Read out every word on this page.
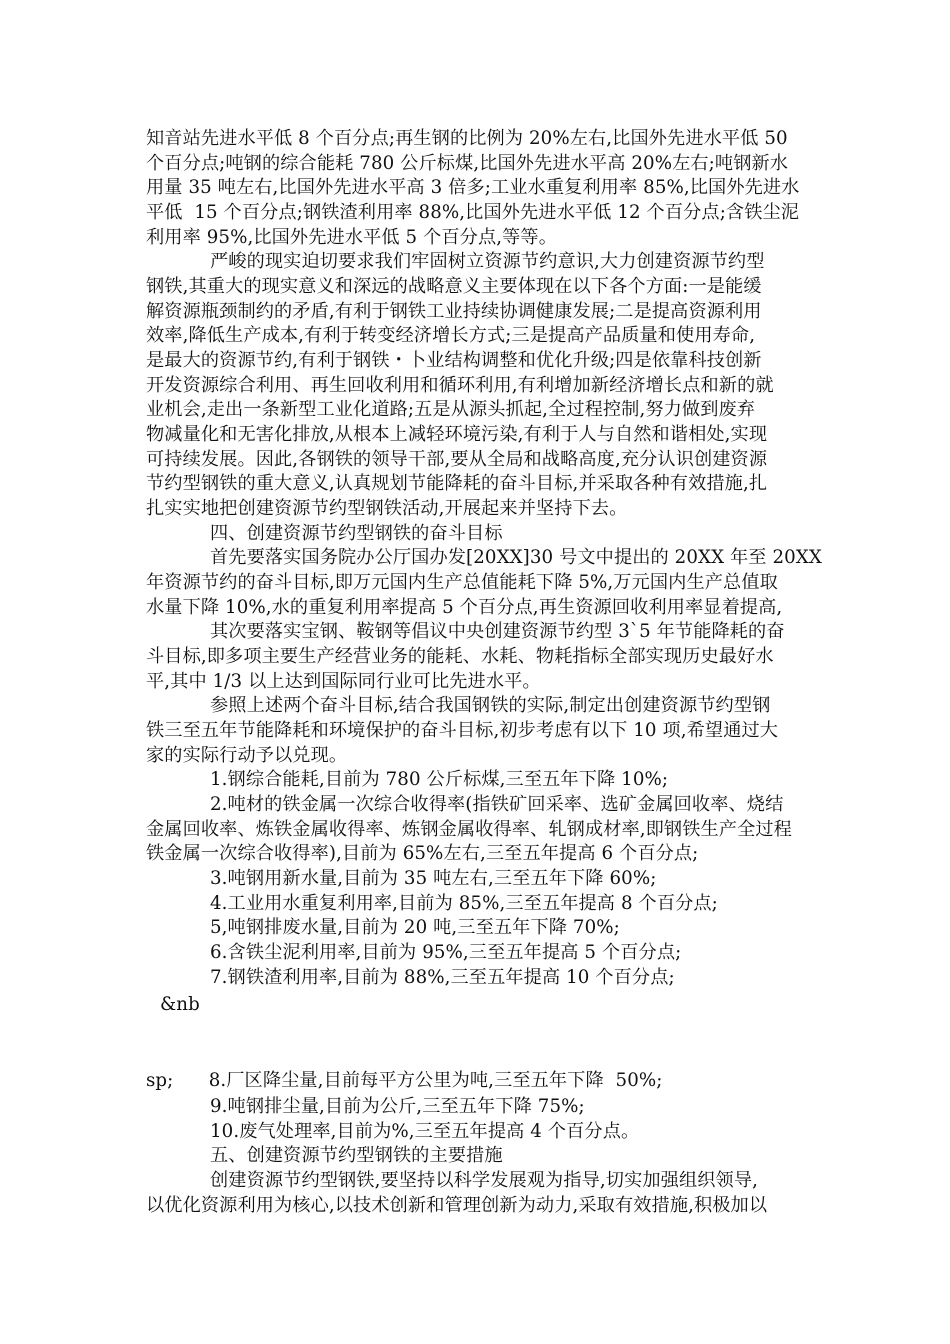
知音站先进水平低 8 个百分点;再生钢的比例为 20%左右,比国外先进水平低 50
个百分点;吨钢的综合能耗 780 公斤标煤,比国外先进水平高 20%左右;吨钢新水
用量 35 吨左右,比国外先进水平高 3 倍多;工业水重复利用率 85%,比国外先进水
平低  15 个百分点;钢铁渣利用率 88%,比国外先进水平低 12 个百分点;含铁尘泥
利用率 95%,比国外先进水平低 5 个百分点,等等。
严峻的现实迫切要求我们牢固树立资源节约意识,大力创建资源节约型
钢铁,其重大的现实意义和深远的战略意义主要体现在以下各个方面:一是能缓
解资源瓶颈制约的矛盾,有利于钢铁工业持续协调健康发展;二是提高资源利用
效率,降低生产成本,有利于转变经济增长方式;三是提高产品质量和使用寿命,
是最大的资源节约,有利于钢铁・卜业结构调整和优化升级;四是依靠科技创新
开发资源综合利用、再生回收利用和循环利用,有利增加新经济增长点和新的就
业机会,走出一条新型工业化道路;五是从源头抓起,全过程控制,努力做到废弃
物减量化和无害化排放,从根本上减轻环境污染,有利于人与自然和谐相处,实现
可持续发展。因此,各钢铁的领导干部,要从全局和战略高度,充分认识创建资源
节约型钢铁的重大意义,认真规划节能降耗的奋斗目标,并采取各种有效措施,扎
扎实实地把创建资源节约型钢铁活动,开展起来并坚持下去。
四、创建资源节约型钢铁的奋斗目标
首先要落实国务院办公厅国办发[20XX]30 号文中提出的 20XX 年至 20XX
年资源节约的奋斗目标,即万元国内生产总值能耗下降 5%,万元国内生产总值取
水量下降 10%,水的重复利用率提高 5 个百分点,再生资源回收利用率显着提高,
其次要落实宝钢、鞍钢等倡议中央创建资源节约型 3`5 年节能降耗的奋
斗目标,即多项主要生产经营业务的能耗、水耗、物耗指标全部实现历史最好水
平,其中 1/3 以上达到国际同行业可比先进水平。
参照上述两个奋斗目标,结合我国钢铁的实际,制定出创建资源节约型钢
铁三至五年节能降耗和环境保护的奋斗目标,初步考虑有以下 10 项,希望通过大
家的实际行动予以兑现。
1.钢综合能耗,目前为 780 公斤标煤,三至五年下降 10%;
2.吨材的铁金属一次综合收得率(指铁矿回采率、选矿金属回收率、烧结
金属回收率、炼铁金属收得率、炼钢金属收得率、轧钢成材率,即钢铁生产全过程
铁金属一次综合收得率),目前为 65%左右,三至五年提高 6 个百分点;
3.吨钢用新水量,目前为 35 吨左右,三至五年下降 60%;
4.工业用水重复利用率,目前为 85%,三至五年提高 8 个百分点;
5,吨钢排废水量,目前为 20 吨,三至五年下降 70%;
6.含铁尘泥利用率,目前为 95%,三至五年提高 5 个百分点;
7.钢铁渣利用率,目前为 88%,三至五年提高 10 个百分点;
&nb
sp;      8.厂区降尘量,目前每平方公里为吨,三至五年下降  50%;
9.吨钢排尘量,目前为公斤,三至五年下降 75%;
10.废气处理率,目前为%,三至五年提高 4 个百分点。
五、创建资源节约型钢铁的主要措施
创建资源节约型钢铁,要坚持以科学发展观为指导,切实加强组织领导,
以优化资源利用为核心,以技术创新和管理创新为动力,采取有效措施,积极加以
